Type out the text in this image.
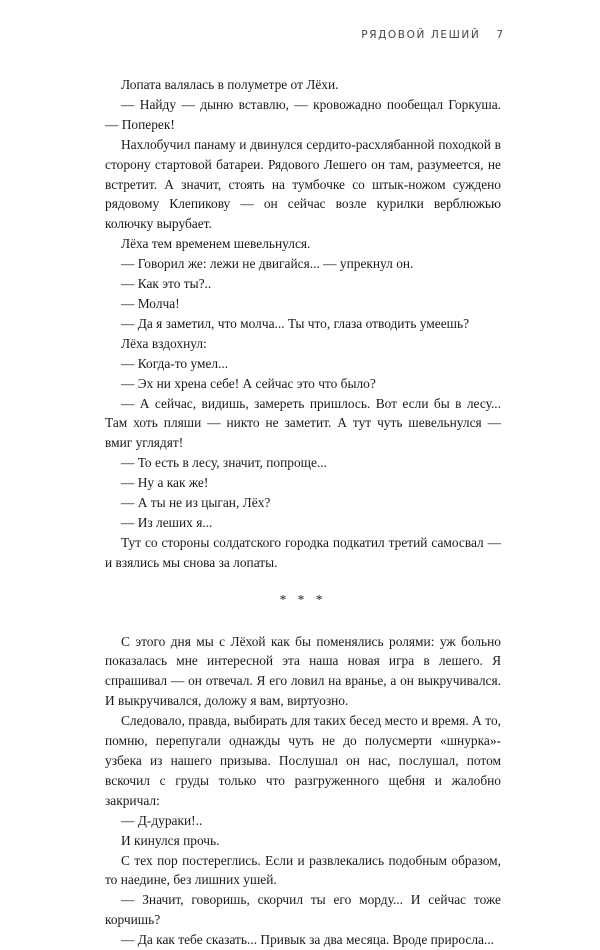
РЯДОВОЙ ЛЕШИЙ 7

Лопата валялась в полуметре от Лёхи.

— Найду — дыню вставлю, — кровожадно пообещал Горкуша. — Поперек!

Нахлобучил панаму и двинулся сердито-расхлябанной походкой в сторону стартовой батареи. Рядового Лешего он там, разумеется, не встретит. А значит, стоять на тумбочке со штык-ножом суждено рядовому Клепикову — он сейчас возле курилки верблюжью колючку вырубает.

Лёха тем временем шевельнулся.

— Говорил же: лежи не двигайся... — упрекнул он.

— Как это ты?..

— Молча!

— Да я заметил, что молча... Ты что, глаза отводить умеешь?

Лёха вздохнул:

— Когда-то умел...

— Эх ни хрена себе! А сейчас это что было?

— А сейчас, видишь, замереть пришлось. Вот если бы в лесу... Там хоть пляши — никто не заметит. А тут чуть шевельнулся — вмиг углядят!

— То есть в лесу, значит, попроще...

— Ну а как же!

— А ты не из цыган, Лёх?

— Из леших я...

Тут со стороны солдатского городка подкатил третий самосвал — и взялись мы снова за лопаты.

* * *

С этого дня мы с Лёхой как бы поменялись ролями: уж больно показалась мне интересной эта наша новая игра в лешего. Я спрашивал — он отвечал. Я его ловил на вранье, а он выкручивался. И выкручивался, доложу я вам, виртуозно.

Следовало, правда, выбирать для таких бесед место и время. А то, помню, перепугали однажды чуть не до полусмерти «шнурка»-узбека из нашего призыва. Послушал он нас, послушал, потом вскочил с груды только что разгруженного щебня и жалобно закричал:

— Д-дураки!..

И кинулся прочь.

С тех пор постереглись. Если и развлекались подобным образом, то наедине, без лишних ушей.

— Значит, говоришь, скорчил ты его морду... И сейчас тоже корчишь?

— Да как тебе сказать... Привык за два месяца. Вроде приросла...
